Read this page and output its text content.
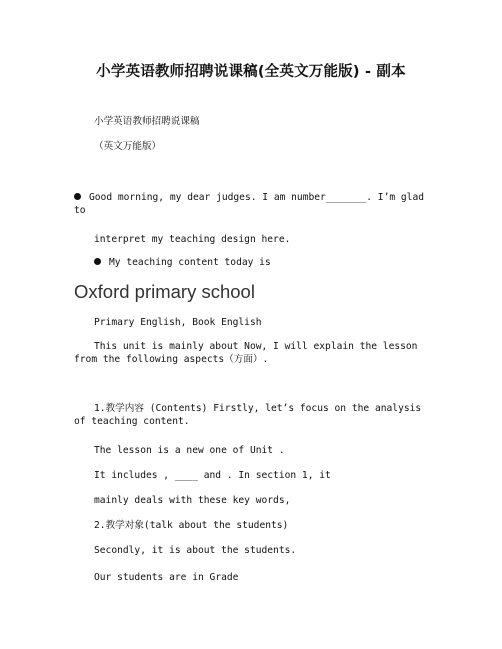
小学英语教师招聘说课稿(全英文万能版) - 副本
小学英语教师招聘说课稿
（英文万能版）
Good morning, my dear judges. I am number_______. I’m glad to
interpret my teaching design here.
My teaching content today is
Oxford primary school
Primary English, Book English
This unit is mainly about Now, I will explain the lesson from the following aspects（方面）.
1.教学内容 (Contents) Firstly, let’s focus on the analysis of teaching content.
The lesson is a new one of Unit .
It includes , ____ and . In section 1, it
mainly deals with these key words,
2.教学对象(talk about the students)
Secondly, it is about the students.
Our students are in Grade
